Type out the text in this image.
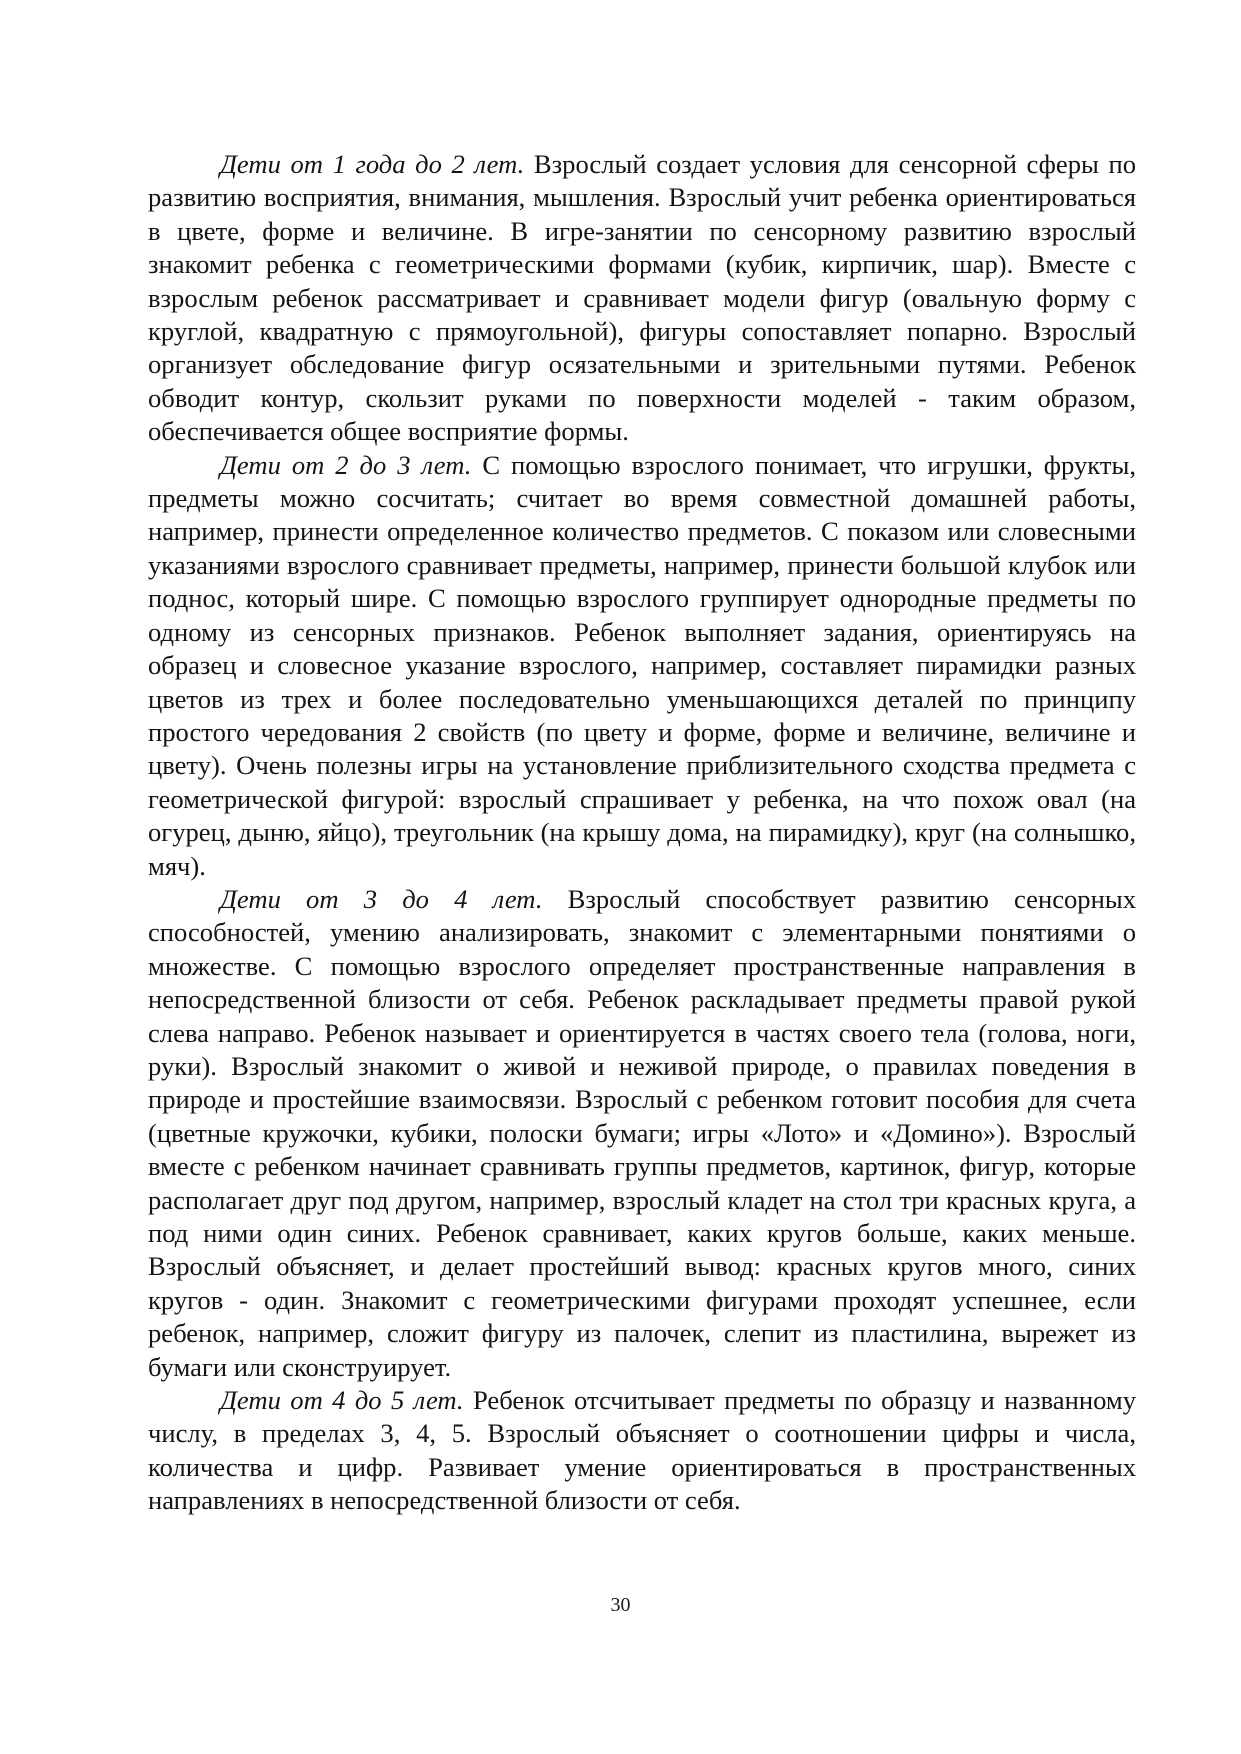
Дети от 1 года до 2 лет. Взрослый создает условия для сенсорной сферы по развитию восприятия, внимания, мышления. Взрослый учит ребенка ориентироваться в цвете, форме и величине. В игре-занятии по сенсорному развитию взрослый знакомит ребенка с геометрическими формами (кубик, кирпичик, шар). Вместе с взрослым ребенок рассматривает и сравнивает модели фигур (овальную форму с круглой, квадратную с прямоугольной), фигуры сопоставляет попарно. Взрослый организует обследование фигур осязательными и зрительными путями. Ребенок обводит контур, скользит руками по поверхности моделей - таким образом, обеспечивается общее восприятие формы.

Дети от 2 до 3 лет. С помощью взрослого понимает, что игрушки, фрукты, предметы можно сосчитать; считает во время совместной домашней работы, например, принести определенное количество предметов. С показом или словесными указаниями взрослого сравнивает предметы, например, принести большой клубок или поднос, который шире. С помощью взрослого группирует однородные предметы по одному из сенсорных признаков. Ребенок выполняет задания, ориентируясь на образец и словесное указание взрослого, например, составляет пирамидки разных цветов из трех и более последовательно уменьшающихся деталей по принципу простого чередования 2 свойств (по цвету и форме, форме и величине, величине и цвету). Очень полезны игры на установление приблизительного сходства предмета с геометрической фигурой: взрослый спрашивает у ребенка, на что похож овал (на огурец, дыню, яйцо), треугольник (на крышу дома, на пирамидку), круг (на солнышко, мяч).

Дети от 3 до 4 лет. Взрослый способствует развитию сенсорных способностей, умению анализировать, знакомит с элементарными понятиями о множестве. С помощью взрослого определяет пространственные направления в непосредственной близости от себя. Ребенок раскладывает предметы правой рукой слева направо. Ребенок называет и ориентируется в частях своего тела (голова, ноги, руки). Взрослый знакомит о живой и неживой природе, о правилах поведения в природе и простейшие взаимосвязи. Взрослый с ребенком готовит пособия для счета (цветные кружочки, кубики, полоски бумаги; игры «Лото» и «Домино»). Взрослый вместе с ребенком начинает сравнивать группы предметов, картинок, фигур, которые располагает друг под другом, например, взрослый кладет на стол три красных круга, а под ними один синих. Ребенок сравнивает, каких кругов больше, каких меньше. Взрослый объясняет, и делает простейший вывод: красных кругов много, синих кругов - один. Знакомит с геометрическими фигурами проходят успешнее, если ребенок, например, сложит фигуру из палочек, слепит из пластилина, вырежет из бумаги или сконструирует.

Дети от 4 до 5 лет. Ребенок отсчитывает предметы по образцу и названному числу, в пределах 3, 4, 5. Взрослый объясняет о соотношении цифры и числа, количества и цифр. Развивает умение ориентироваться в пространственных направлениях в непосредственной близости от себя.

30
